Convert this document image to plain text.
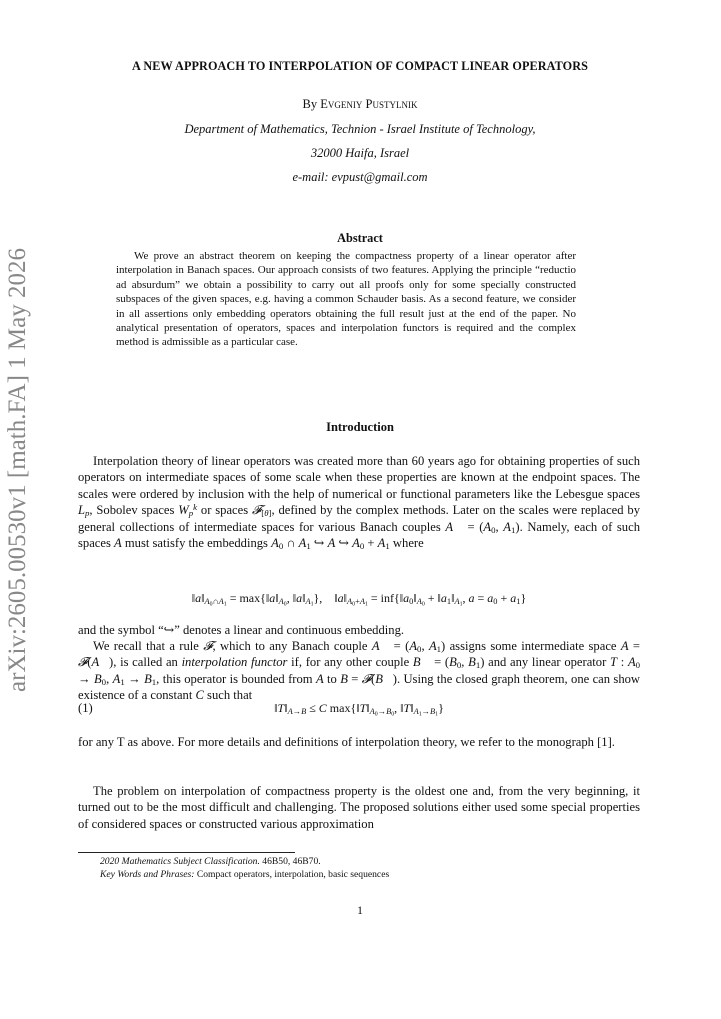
arXiv:2605.00530v1 [math.FA] 1 May 2026
A NEW APPROACH TO INTERPOLATION OF COMPACT LINEAR OPERATORS
By Evgeniy Pustylnik
Department of Mathematics, Technion - Israel Institute of Technology,
32000 Haifa, Israel
e-mail: evpust@gmail.com
Abstract
We prove an abstract theorem on keeping the compactness property of a linear operator after interpolation in Banach spaces. Our approach consists of two features. Applying the principle “reductio ad absurdum” we obtain a possibility to carry out all proofs only for some specially constructed subspaces of the given spaces, e.g. having a common Schauder basis. As a second feature, we consider in all assertions only embedding operators obtaining the full result just at the end of the paper. No analytical presentation of operators, spaces and interpolation functors is required and the complex method is admissible as a particular case.
Introduction
Interpolation theory of linear operators was created more than 60 years ago for obtaining properties of such operators on intermediate spaces of some scale when these properties are known at the endpoint spaces. The scales were ordered by inclusion with the help of numerical or functional parameters like the Lebesgue spaces $L_p$, Sobolev spaces $W_p^k$ or spaces 𝓕$_{[\theta]}$, defined by the complex methods. Later on the scales were replaced by general collections of intermediate spaces for various Banach couples A⃗ = ($A_0$, $A_1$). Namely, each of such spaces A must satisfy the embeddings $A_0$ ∩ $A_1$ ↪ A ↪ $A_0 + A_1$ where
$‖a‖_{A_0\cap A_1}$ = $\max\{‖a‖_{A_0}$, $‖a‖_{A_1}$},    $‖a‖_{A_0+A_1}$ = $inf\{‖a_0‖_{A_0}$ + $‖a_1‖_{A_1}$, $a = a_0 + a_1$}
and the symbol “↪” denotes a linear and continuous embedding.
We recall that a rule 𝓕, which to any Banach couple A⃗ = ($A_0$, $A_1$) assigns some intermediate space A = 𝓕(A⃗), is called an interpolation functor if, for any other couple B⃗ = ($B_0$, $B_1$) and any linear operator T : $A_0 \to B_0$, $A_1 \to B_1$, this operator is bounded from A to B = 𝓕(B⃗). Using the closed graph theorem, one can show existence of a constant C such that
(1)	$‖T‖_{A\to B} \le C$ $\max\{‖T‖_{A_0\to B_0}$, $‖T‖_{A_1\to B_1}$}
for any T as above. For more details and definitions of interpolation theory, we refer to the monograph [1].
The problem on interpolation of compactness property is the oldest one and, from the very beginning, it turned out to be the most difficult and challenging. The proposed solutions either used some special properties of considered spaces or constructed various approximation
2020 Mathematics Subject Classification. 46B50, 46B70.
Key Words and Phrases: Compact operators, interpolation, basic sequences
1
